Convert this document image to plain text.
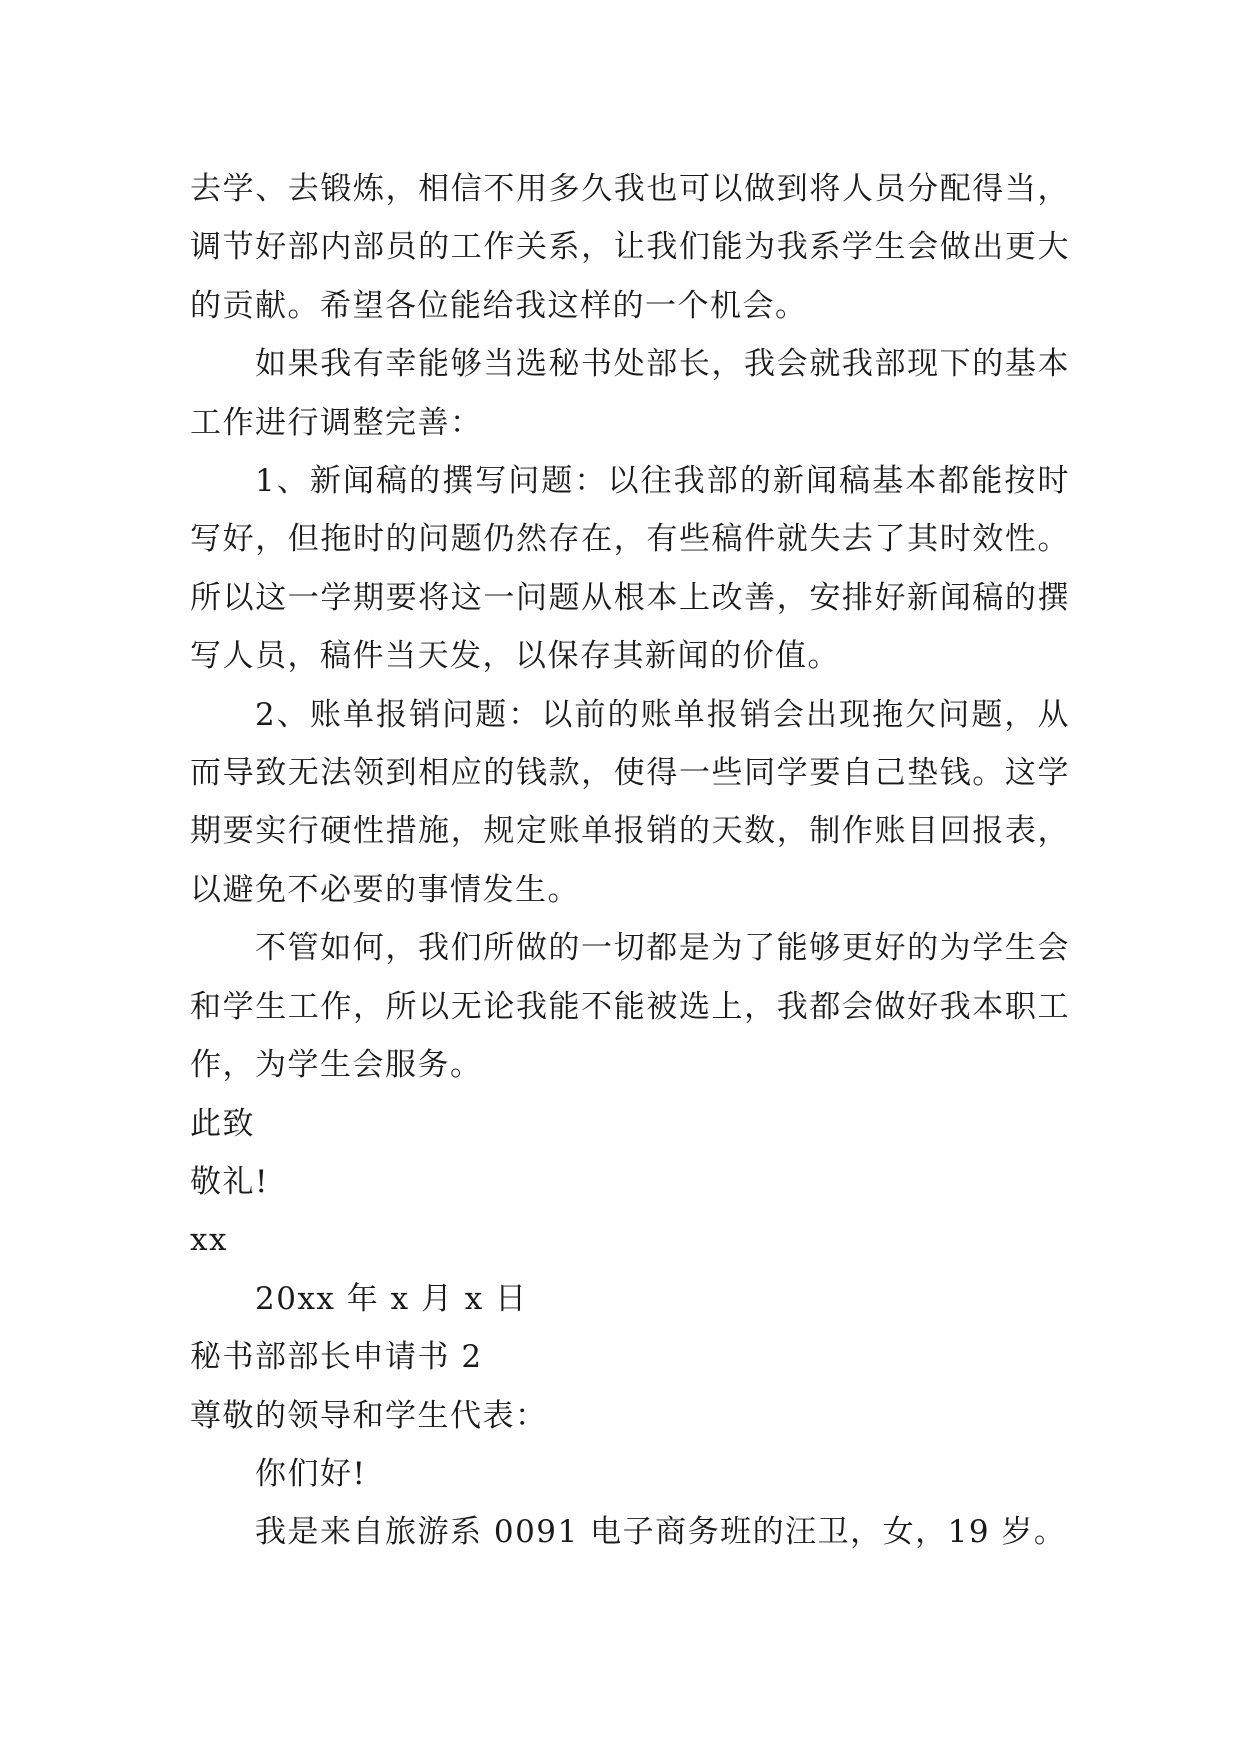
去学、去锻炼，相信不用多久我也可以做到将人员分配得当，调节好部内部员的工作关系，让我们能为我系学生会做出更大的贡献。希望各位能给我这样的一个机会。

如果我有幸能够当选秘书处部长，我会就我部现下的基本工作进行调整完善：

1、新闻稿的撰写问题：以往我部的新闻稿基本都能按时写好，但拖时的问题仍然存在，有些稿件就失去了其时效性。所以这一学期要将这一问题从根本上改善，安排好新闻稿的撰写人员，稿件当天发，以保存其新闻的价值。

2、账单报销问题：以前的账单报销会出现拖欠问题，从而导致无法领到相应的钱款，使得一些同学要自己垫钱。这学期要实行硬性措施，规定账单报销的天数，制作账目回报表，以避免不必要的事情发生。

不管如何，我们所做的一切都是为了能够更好的为学生会和学生工作，所以无论我能不能被选上，我都会做好我本职工作，为学生会服务。

此致

敬礼!

xx

20xx 年 x 月 x 日

秘书部部长申请书 2

尊敬的领导和学生代表：

你们好!

我是来自旅游系 0091 电子商务班的汪卫，女，19 岁。
